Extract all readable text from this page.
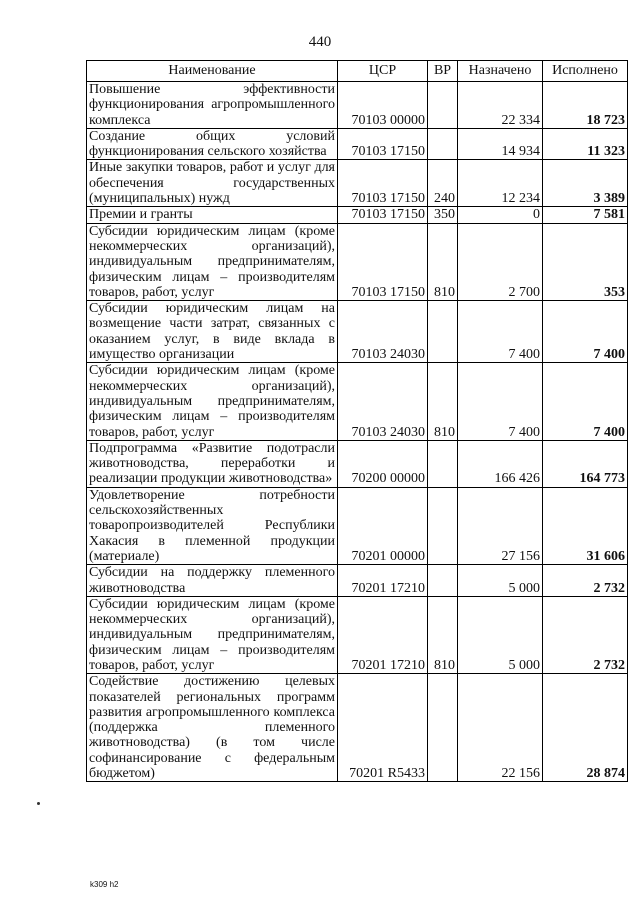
440
Наименование	ЦСР	ВР	Назначено	Исполнено
Повышение эффективности функционирования агропромышленного комплекса	70103 00000		22 334	18 723
Создание общих условий функционирования сельского хозяйства	70103 17150		14 934	11 323
Иные закупки товаров, работ и услуг для обеспечения государственных (муниципальных) нужд	70103 17150	240	12 234	3 389
Премии и гранты	70103 17150	350	0	7 581
Субсидии юридическим лицам (кроме некоммерческих организаций), индивидуальным предпринимателям, физическим лицам – производителям товаров, работ, услуг	70103 17150	810	2 700	353
Субсидии юридическим лицам на возмещение части затрат, связанных с оказанием услуг, в виде вклада в имущество организации	70103 24030		7 400	7 400
Субсидии юридическим лицам (кроме некоммерческих организаций), индивидуальным предпринимателям, физическим лицам – производителям товаров, работ, услуг	70103 24030	810	7 400	7 400
Подпрограмма «Развитие подотрасли животноводства, переработки и реализации продукции животноводства»	70200 00000		166 426	164 773
Удовлетворение потребности сельскохозяйственных товаропроизводителей Республики Хакасия в племенной продукции (материале)	70201 00000		27 156	31 606
Субсидии на поддержку племенного животноводства	70201 17210		5 000	2 732
Субсидии юридическим лицам (кроме некоммерческих организаций), индивидуальным предпринимателям, физическим лицам – производителям товаров, работ, услуг	70201 17210	810	5 000	2 732
Содействие достижению целевых показателей региональных программ развития агропромышленного комплекса (поддержка племенного животноводства) (в том числе софинансирование с федеральным бюджетом)	70201 R5433		22 156	28 874
k309 h2
